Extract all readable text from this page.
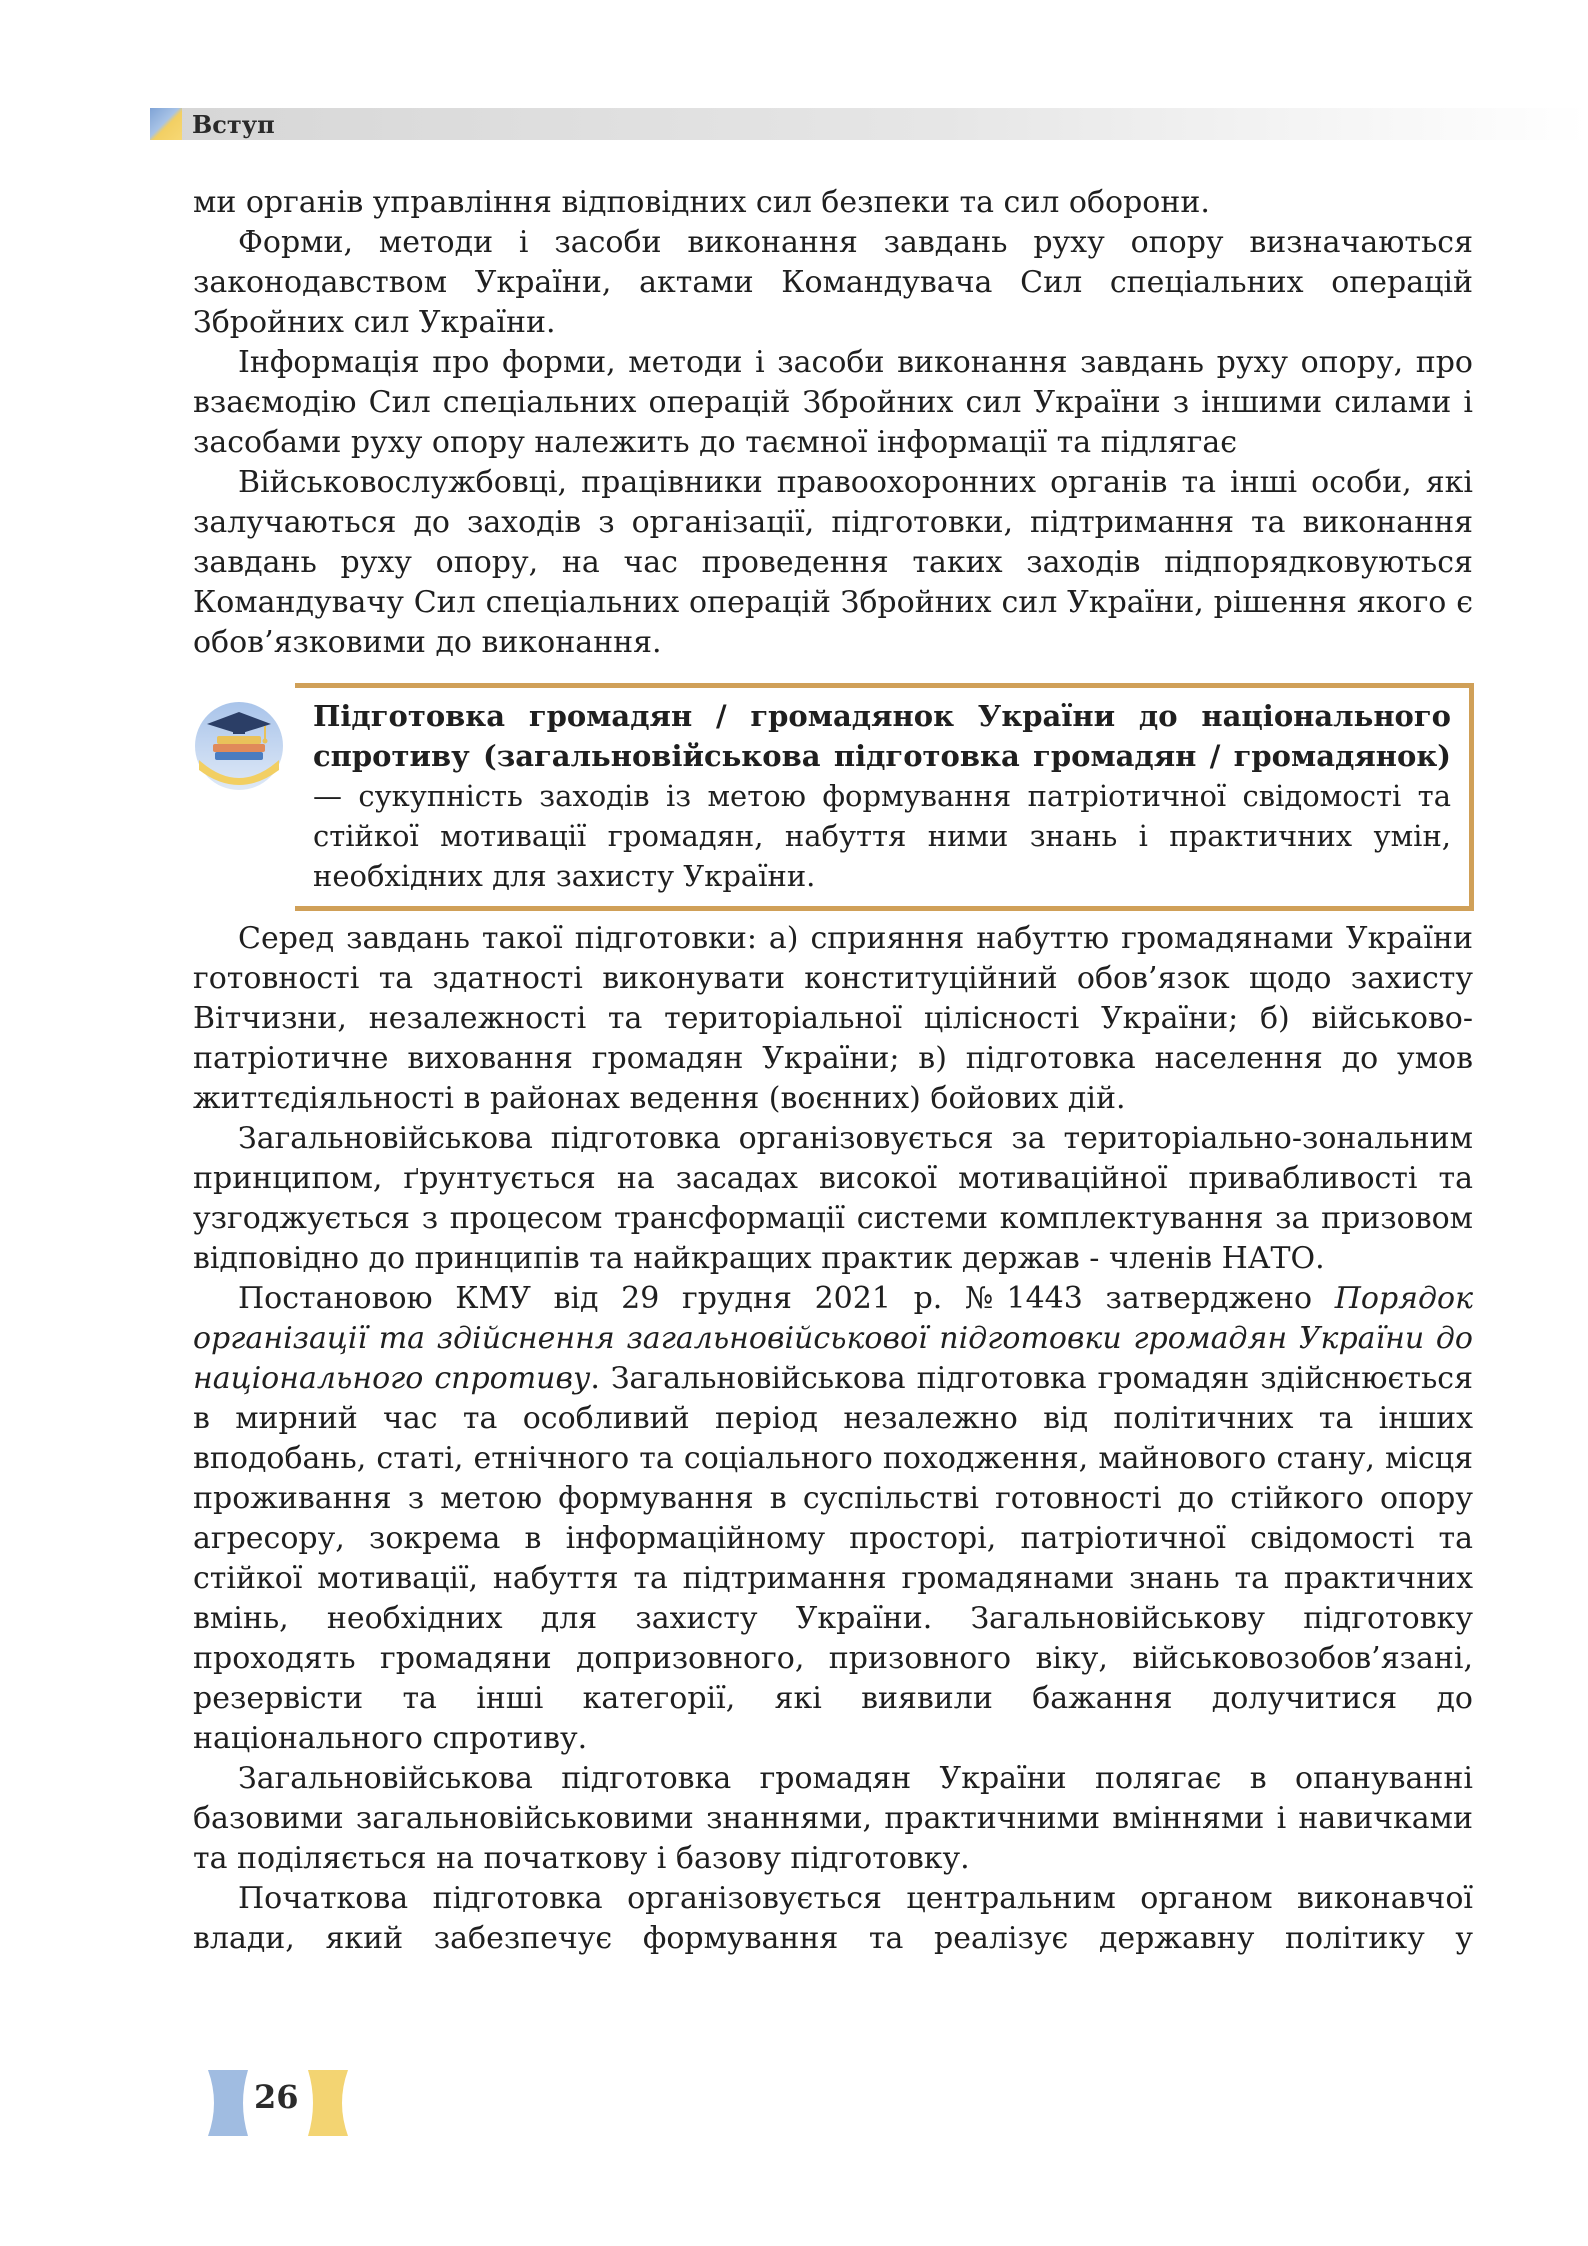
Вступ

ми органів управління відповідних сил безпеки та сил оборони.

Форми, методи і засоби виконання завдань руху опору визначаються законодавством України, актами Командувача Сил спеціальних операцій Збройних сил України.

Інформація про форми, методи і засоби виконання завдань руху опору, про взаємодію Сил спеціальних операцій Збройних сил України з іншими силами і засобами руху опору належить до таємної інформації та підлягає

Військовослужбовці, працівники правоохоронних органів та інші особи, які залучаються до заходів з організації, підготовки, підтримання та виконання завдань руху опору, на час проведення таких заходів підпорядковуються Командувачу Сил спеціальних операцій Збройних сил України, рішення якого є обов’язковими до виконання.

Підготовка громадян / громадянок України до національного спротиву (загальновійськова підготовка громадян / громадянок) — сукупність заходів із метою формування патріотичної свідомості та стійкої мотивації громадян, набуття ними знань і практичних умін, необхідних для захисту України.

Серед завдань такої підготовки: а) сприяння набуттю громадянами України готовності та здатності виконувати конституційний обов’язок щодо захисту Вітчизни, незалежності та територіальної цілісності України; б) військово-патріотичне виховання громадян України; в) підготовка населення до умов життєдіяльності в районах ведення (воєнних) бойових дій.

Загальновійськова підготовка організовується за територіально-зональним принципом, ґрунтується на засадах високої мотиваційної привабливості та узгоджується з процесом трансформації системи комплектування за призовом відповідно до принципів та найкращих практик держав - членів НАТО.

Постановою КМУ від 29 грудня 2021 р. №1443 затверджено Порядок організації та здійснення загальновійськової підготовки громадян України до національного спротиву. Загальновійськова підготовка громадян здійснюється в мирний час та особливий період незалежно від політичних та інших вподобань, статі, етнічного та соціального походження, майнового стану, місця проживання з метою формування в суспільстві готовності до стійкого опору агресору, зокрема в інформаційному просторі, патріотичної свідомості та стійкої мотивації, набуття та підтримання громадянами знань та практичних вмінь, необхідних для захисту України. Загальновійськову підготовку проходять громадяни допризовного, призовного віку, військовозобов’язані, резервісти та інші категорії, які виявили бажання долучитися до національного спротиву.

Загальновійськова підготовка громадян України полягає в опануванні базовими загальновійськовими знаннями, практичними вміннями і навичками та поділяється на початкову і базову підготовку.

Початкова підготовка організовується центральним органом виконавчої влади, який забезпечує формування та реалізує державну політику у

26
